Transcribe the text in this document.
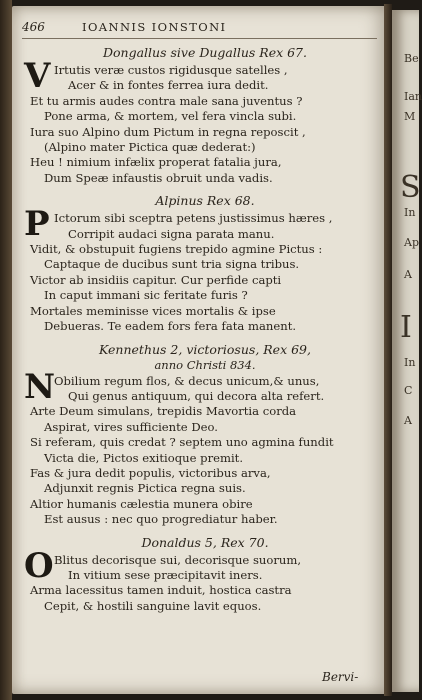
Be
Ian
M
S
In
Ap
A
I
In
C
A
466	IOANNIS IONSTONI
Dongallus sive Dugallus Rex 67.
V Irtutis veræ custos rigidusque satelles ,
Acer & in fontes ferrea iura dedit.
Et tu armis audes contra male sana juventus ?
Pone arma, & mortem, vel fera vincla subi.
Iura suo Alpino dum Pictum in regna reposcit ,
(Alpino mater Pictica quæ dederat:)
Heu ! nimium infælix properat fatalia jura,
Dum Speæ infaustis obruit unda vadis.
Alpinus Rex 68.
P Ictorum sibi sceptra petens justissimus hæres ,
Corripit audaci signa parata manu.
Vidit, & obstupuit fugiens trepido agmine Pictus :
Captaque de ducibus sunt tria signa tribus.
Victor ab insidiis capitur. Cur perfide capti
In caput immani sic feritate furis ?
Mortales meminisse vices mortalis & ipse
Debueras. Te eadem fors fera fata manent.
Kennethus 2, victoriosus, Rex 69,
anno Christi 834.
N
Obilium regum flos, & decus unicum,& unus,
Qui genus antiquum, qui decora alta refert.
Arte Deum simulans, trepidis Mavortia corda
Aspirat, vires sufficiente Deo.
Si referam, quis credat ? septem uno agmina fundit
Victa die, Pictos exitioque premit.
Fas & jura dedit populis, victoribus arva,
Adjunxit regnis Pictica regna suis.
Altior humanis cælestia munera obire
Est ausus : nec quo progrediatur haber.
Donaldus 5, Rex 70.
O Blitus decorisque sui, decorisque suorum,
In vitium sese præcipitavit iners.
Arma lacessitus tamen induit, hostica castra
Cepit, & hostili sanguine lavit equos.
Bervi-
